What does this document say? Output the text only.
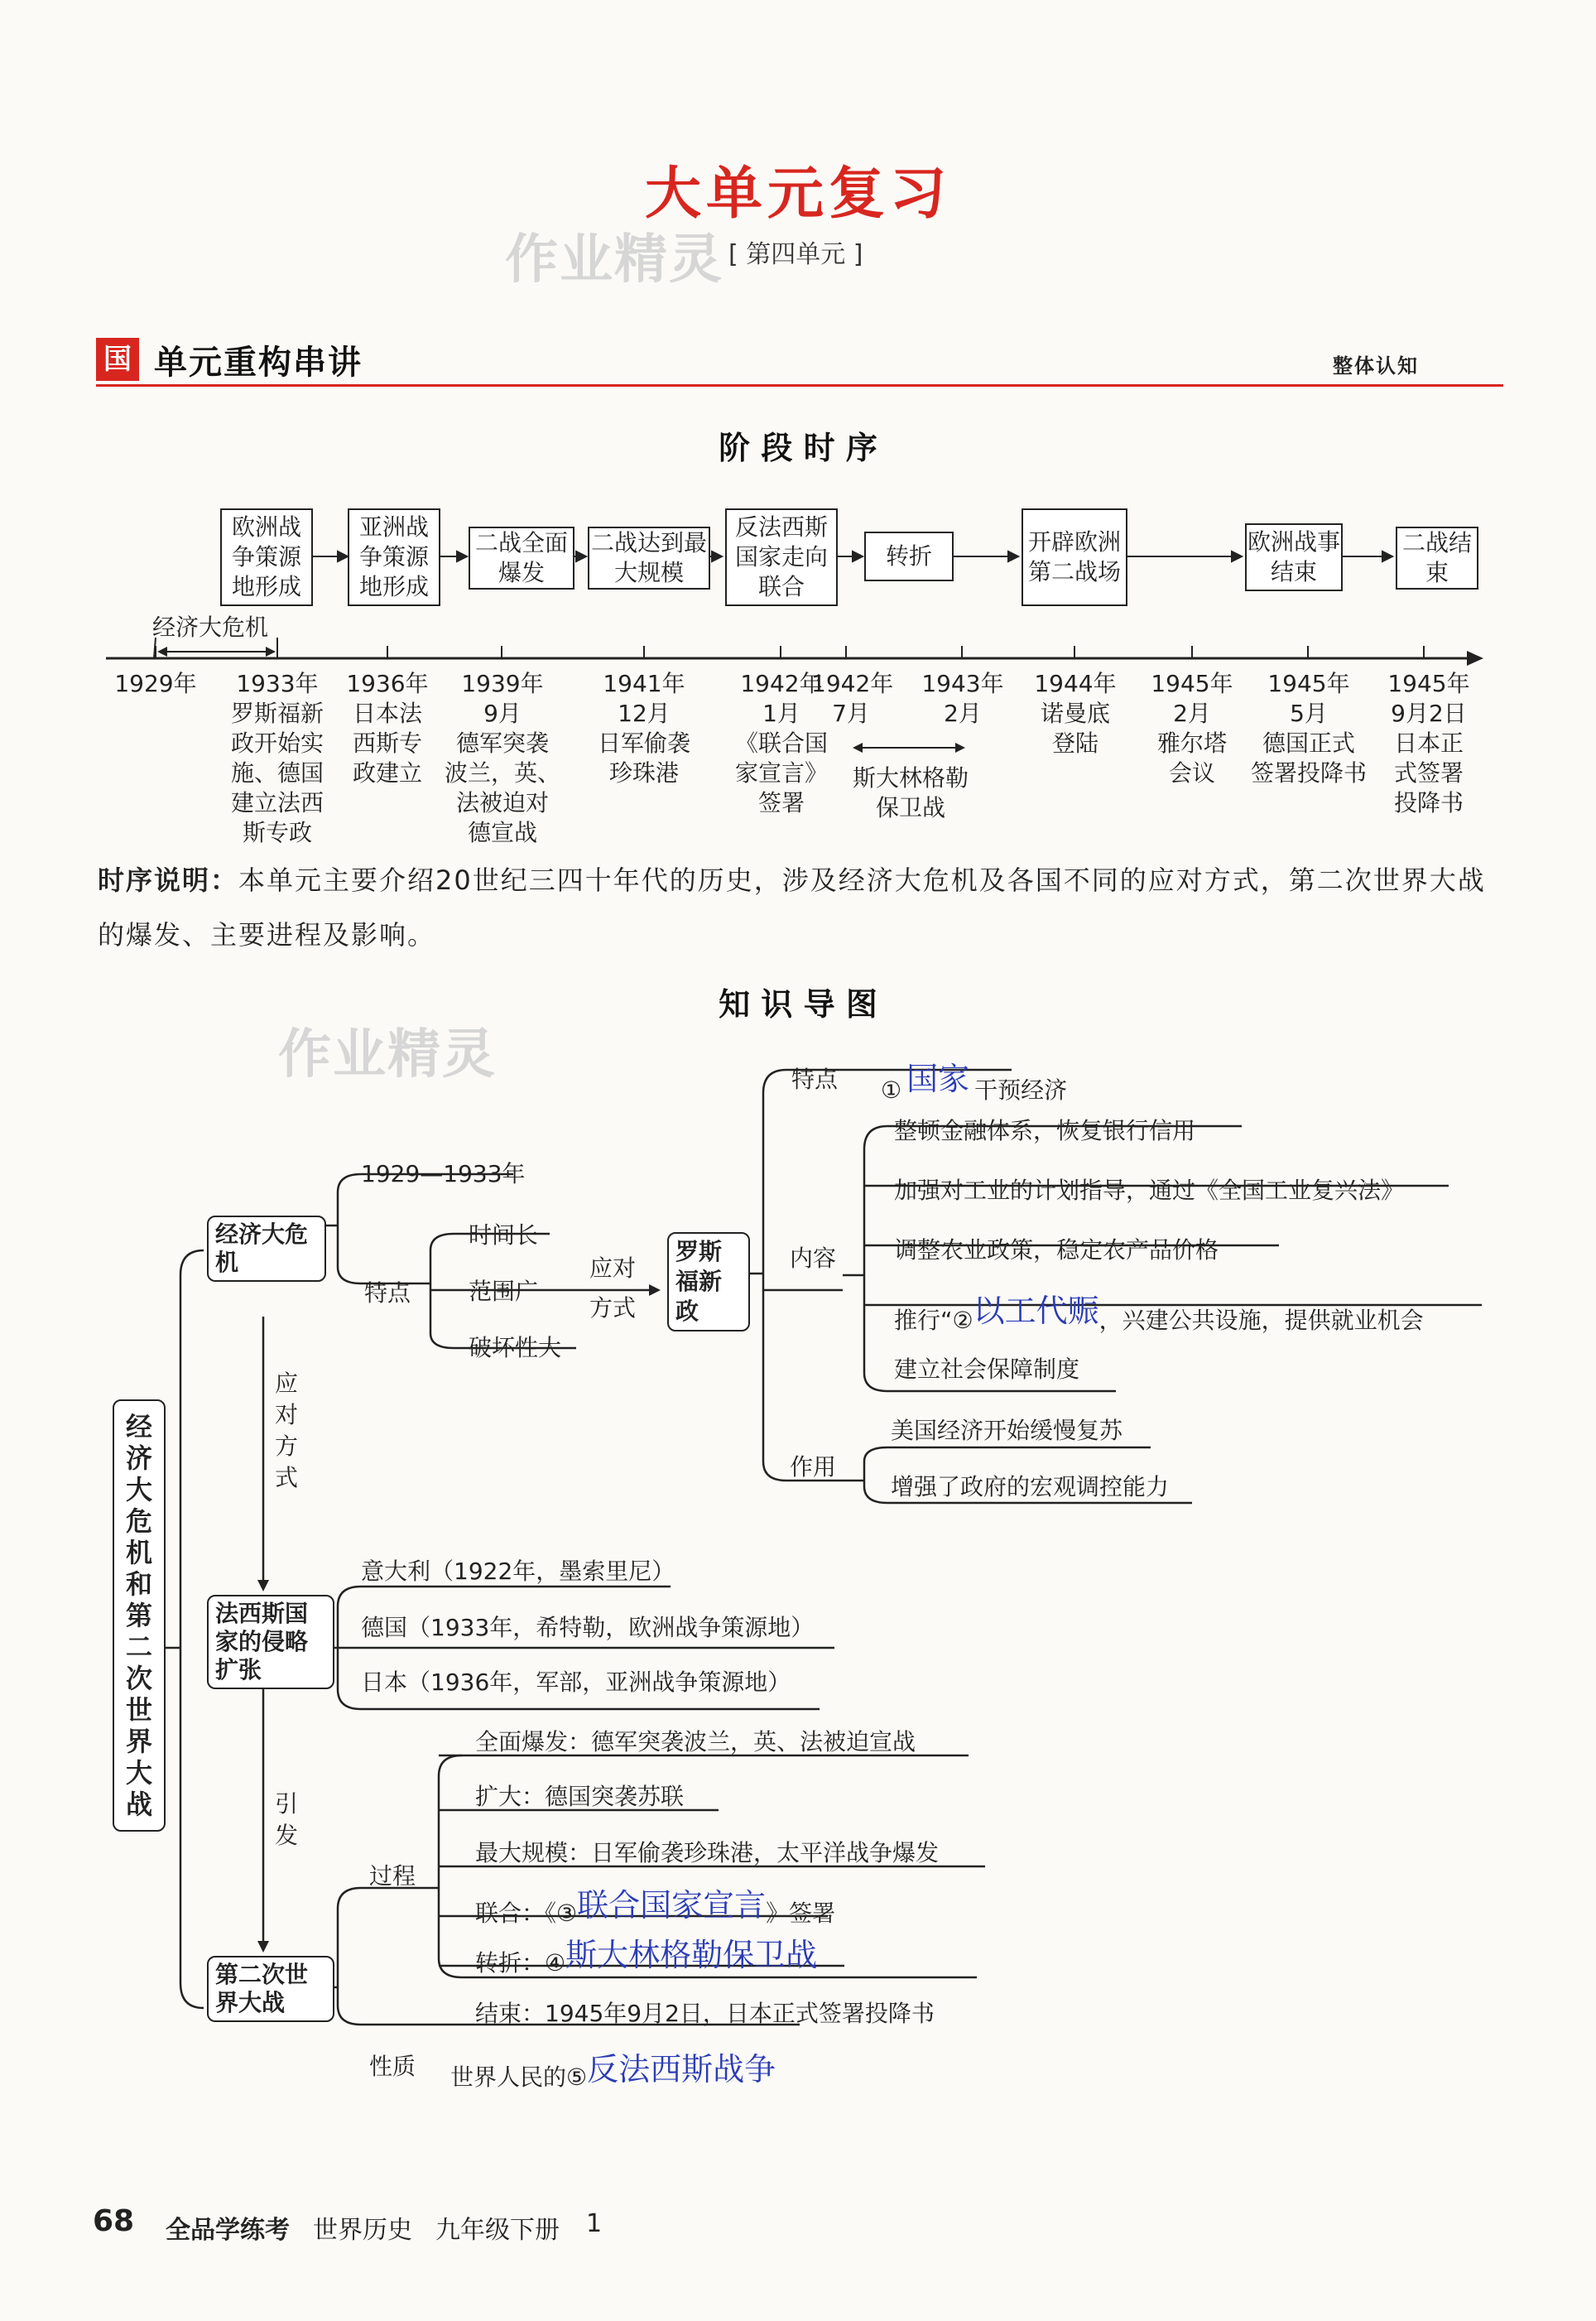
大单元复习
作业精灵 [ 第四单元 ]
国 单元重构串讲	整体认知
阶 段 时 序
欧洲战争策源地形成
亚洲战争策源地形成
二战全面爆发
二战达到最大规模
反法西斯国家走向联合
转折
开辟欧洲第二战场
欧洲战事结束
二战结束
经济大危机
1929年	1933年
罗斯福新
政开始实
施、德国
建立法西
斯专政
1936年
日本法
西斯专
政建立
1939年
9月
德军突袭
波兰，英、
法被迫对
德宣战
1941年
12月
日军偷袭
珍珠港
1942年
1月
《联合国
家宣言》
签署
1942年
7月
1943年
2月
1944年
诺曼底
登陆
1945年
2月
雅尔塔
会议
1945年
5月
德国正式
签署投降书
1945年
9月2日
日本正
式签署
投降书
斯大林格勒
保卫战
时序说明：本单元主要介绍20世纪三四十年代的历史，涉及经济大危机及各国不同的应对方式，第二次世界大战的爆发、主要进程及影响。
知 识 导 图
作业精灵
经济大危机和第二次世界大战
经济大危机
1929—1933年
特点
时间长
范围广
破坏性大
应对
方式
罗斯福新政
特点 ① 国家 干预经济
内容
整顿金融体系，恢复银行信用
加强对工业的计划指导，通过《全国工业复兴法》
调整农业政策，稳定农产品价格
推行“②以工代赈，兴建公共设施，提供就业机会
建立社会保障制度
作用
美国经济开始缓慢复苏
增强了政府的宏观调控能力
应
对
方
式
引
发
法西斯国家的侵略扩张
意大利（1922年，墨索里尼）
德国（1933年，希特勒，欧洲战争策源地）
日本（1936年，军部，亚洲战争策源地）
第二次世界大战
过程
全面爆发：德军突袭波兰，英、法被迫宣战
扩大：德国突袭苏联
最大规模：日军偷袭珍珠港，太平洋战争爆发
联合：《③联合国家宣言》签署
转折：④斯大林格勒保卫战
结束：1945年9月2日，日本正式签署投降书
性质 世界人民的⑤反法西斯战争
68 全品学练考 世界历史 九年级下册 1
